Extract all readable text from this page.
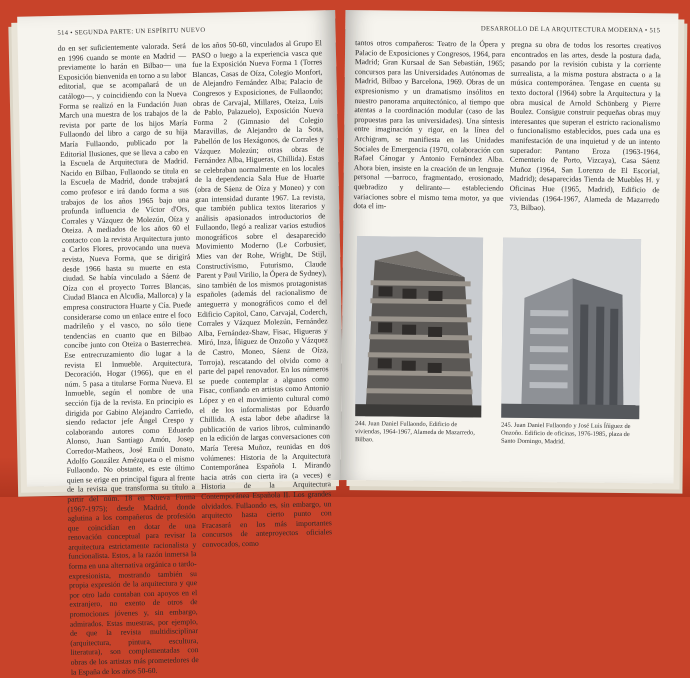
514 • SEGUNDA PARTE: UN ESPÍRITU NUEVO

do en ser suficientemente valorada. Será en 1996 cuando se monte en Madrid —previamente lo harán en Bilbao— una Exposición bienvenida en torno a su labor editorial, que se acompañará de un catálogo—, y coincidiendo con la Nueva Forma se realizó en la Fundación Juan March una muestra de los trabajos de la revista por parte de los hijos María Fullaondo del libro a cargo de su hija María Fullaondo, publicado por la Editorial Ilusiones, que se lleva a cabo en la Escuela de Arquitectura de Madrid. Nacido en Bilbao, Fullaondo se titula en la Escuela de Madrid, donde trabajará como profesor e irá dando forma a sus trabajos de los años 1965 bajo una profunda influencia de Víctor d'Ors, Corrales y Vázquez de Molezún, Oíza y Oteiza. A mediados de los años 60 el contacto con la revista Arquitectura junto a Carlos Flores, provocando una nueva revista, Nueva Forma, que se dirigirá desde 1966 hasta su muerte en esta ciudad. Se había vinculado a Sáenz de Oíza con el proyecto Torres Blancas, Ciudad Blanca en Alcudia, Mallorca) y la empresa constructora Huarte y Cía. Puede considerarse como un enlace entre el foco madrileño y el vasco, no sólo tiene tendencias en cuanto que en Bilbao concibe junto con Oteiza o Basterrechea. Ese entrecruzamiento dio lugar a la revista El Inmueble. Arquitectura, Decoración, Hogar (1966), que en el núm. 5 pasa a titularse Forma Nueva. El Inmueble, según el nombre de una sección fija de la revista. En principio es dirigida por Gabino Alejandro Carriedo, siendo redactor jefe Ángel Crespo y colaborando autores como Eduardo Alonso, Juan Santiago Amón, Josep Corredor-Matheos, José Emili Donato, Adolfo González Amézqueta o el mismo Fullaondo. No obstante, es este último quien se erige en principal figura al frente de la revista que transforma su título a partir del núm. 18 en Nueva Forma (1967-1975); desde Madrid, donde aglutina a los compañeros de profesión que coincidían en dotar de una renovación conceptual para revisar la arquitectura estrictamente racionalista y funcionalista. Estos, a la razón inmersa la forma en una alternativa orgánica o tardo-expresionista, mostrando también su propia expresión de la arquitectura y que por otro lado contaban con apoyos en el extranjero, no exento de otros de promociones jóvenes y, sin embargo, admirados. Estas muestras, por ejemplo, de que la revista multidisciplinar (arquitectura, pintura, escultura, literatura), son complementadas con obras de los artistas más prometedores de la España de los años 50-60.

de los años 50-60, vinculados al Grupo El PASO o luego a la experiencia vasca que fue la Exposición Nueva Forma 1 (Torres Blancas, Casas de Oíza, Colegio Monfort, de Alejandro Fernández Alba; Palacio de Congresos y Exposiciones, de Fullaondo; obras de Carvajal, Millares, Oteiza, Luis de Pablo, Palazuelo), Exposición Nueva Forma 2 (Gimnasio del Colegio Maravillas, de Alejandro de la Sota, Pabellón de los Hexágonos, de Corrales y Vázquez Molezún; otras obras de Fernández Alba, Higueras, Chillida). Estas se celebraban normalmente en los locales de la dependencia Sala Hue de Huarte (obra de Sáenz de Oíza y Moneo) y con gran intensidad durante 1967. La revista, que también publica textos literarios y análisis apasionados introductorios de Fullaondo, llegó a realizar varios estudios monográficos sobre el desaparecido Movimiento Moderno (Le Corbusier, Mies van der Rohe, Wright, De Stijl, Constructivismo, Futurismo, Claude Parent y Paul Virilio, la Ópera de Sydney), sino también de los mismos protagonistas españoles (además del racionalismo de anteguerra y monográficos como el del Edificio Capitol, Cano, Carvajal, Coderch, Corrales y Vázquez Molezún, Fernández Alba, Fernández-Shaw, Fisac, Higueras y Miró, Inza, Íñiguez de Onzoño y Vázquez de Castro, Moneo, Sáenz de Oíza, Torroja), rescatando del olvido como a parte del papel renovador. En los números se puede contemplar a algunos como Fisac, confiando en artistas como Antonio López y en el movimiento cultural como el de los informalistas por Eduardo Chillida. A esta labor debe añadirse la publicación de varios libros, culminando en la edición de largas conversaciones con María Teresa Muñoz, reunidas en dos volúmenes: Historia de la Arquitectura Contemporánea Española I. Mirando hacia atrás con cierta ira (a veces) e Historia de la Arquitectura Contemporánea Española II. Los grandes olvidados. Fullaondo es, sin embargo, un arquitecto hasta cierto punto con Fracasará en los más importantes concursos de anteproyectos oficiales convocados, como

DESARROLLO DE LA ARQUITECTURA MODERNA • 515

tantos otros compañeros: Teatro de la Ópera y Palacio de Exposiciones y Congresos, 1964, para Madrid; Gran Kursaal de San Sebastián, 1965; concursos para las Universidades Autónomas de Madrid, Bilbao y Barcelona, 1969. Obras de un expresionismo y un dramatismo insólitos en nuestro panorama arquitectónico, al tiempo que atentas a la coordinación modular (caso de las propuestas para las universidades). Una síntesis entre imaginación y rigor, en la línea del Archigram, se manifiesta en las Unidades Sociales de Emergencia (1970, colaboración con Rafael Cánogar y Antonio Fernández Alba. Ahora bien, insiste en la creación de un lenguaje personal —barroco, fragmentado, erosionado, quebradizo y delirante— estableciendo variaciones sobre el mismo tema motor, ya que dota el im-

pregna su obra de todos los resortes creativos encontrados en las artes, desde la postura dada, pasando por la revisión cubista y la corriente surrealista, a la misma postura abstracta o a la música contemporánea. Tengase en cuenta su texto doctoral (1964) sobre la Arquitectura y la obra musical de Arnold Schönberg y Pierre Boulez. Consigue construir pequeñas obras muy interesantes que superan el estricto racionalismo o funcionalismo establecidos, pues cada una es manifestación de una inquietud y de un intento superador: Pantano Eroza (1963-1964, Cementerio de Porto, Vizcaya), Casa Sáenz Muñoz (1964, San Lorenzo de El Escorial, Madrid); desaparecidas Tienda de Muebles H. y Oficinas Hue (1965, Madrid), Edificio de viviendas (1964-1967, Alameda de Mazarredo 73, Bilbao).

244. Juan Daniel Fullaondo, Edificio de viviendas, 1964-1967, Alameda de Mazarredo, Bilbao.
245. Juan Daniel Fullaondo y José Luis Íñiguez de Onzoño. Edificio de oficinas, 1976-1985, plaza de Santo Domingo, Madrid.
